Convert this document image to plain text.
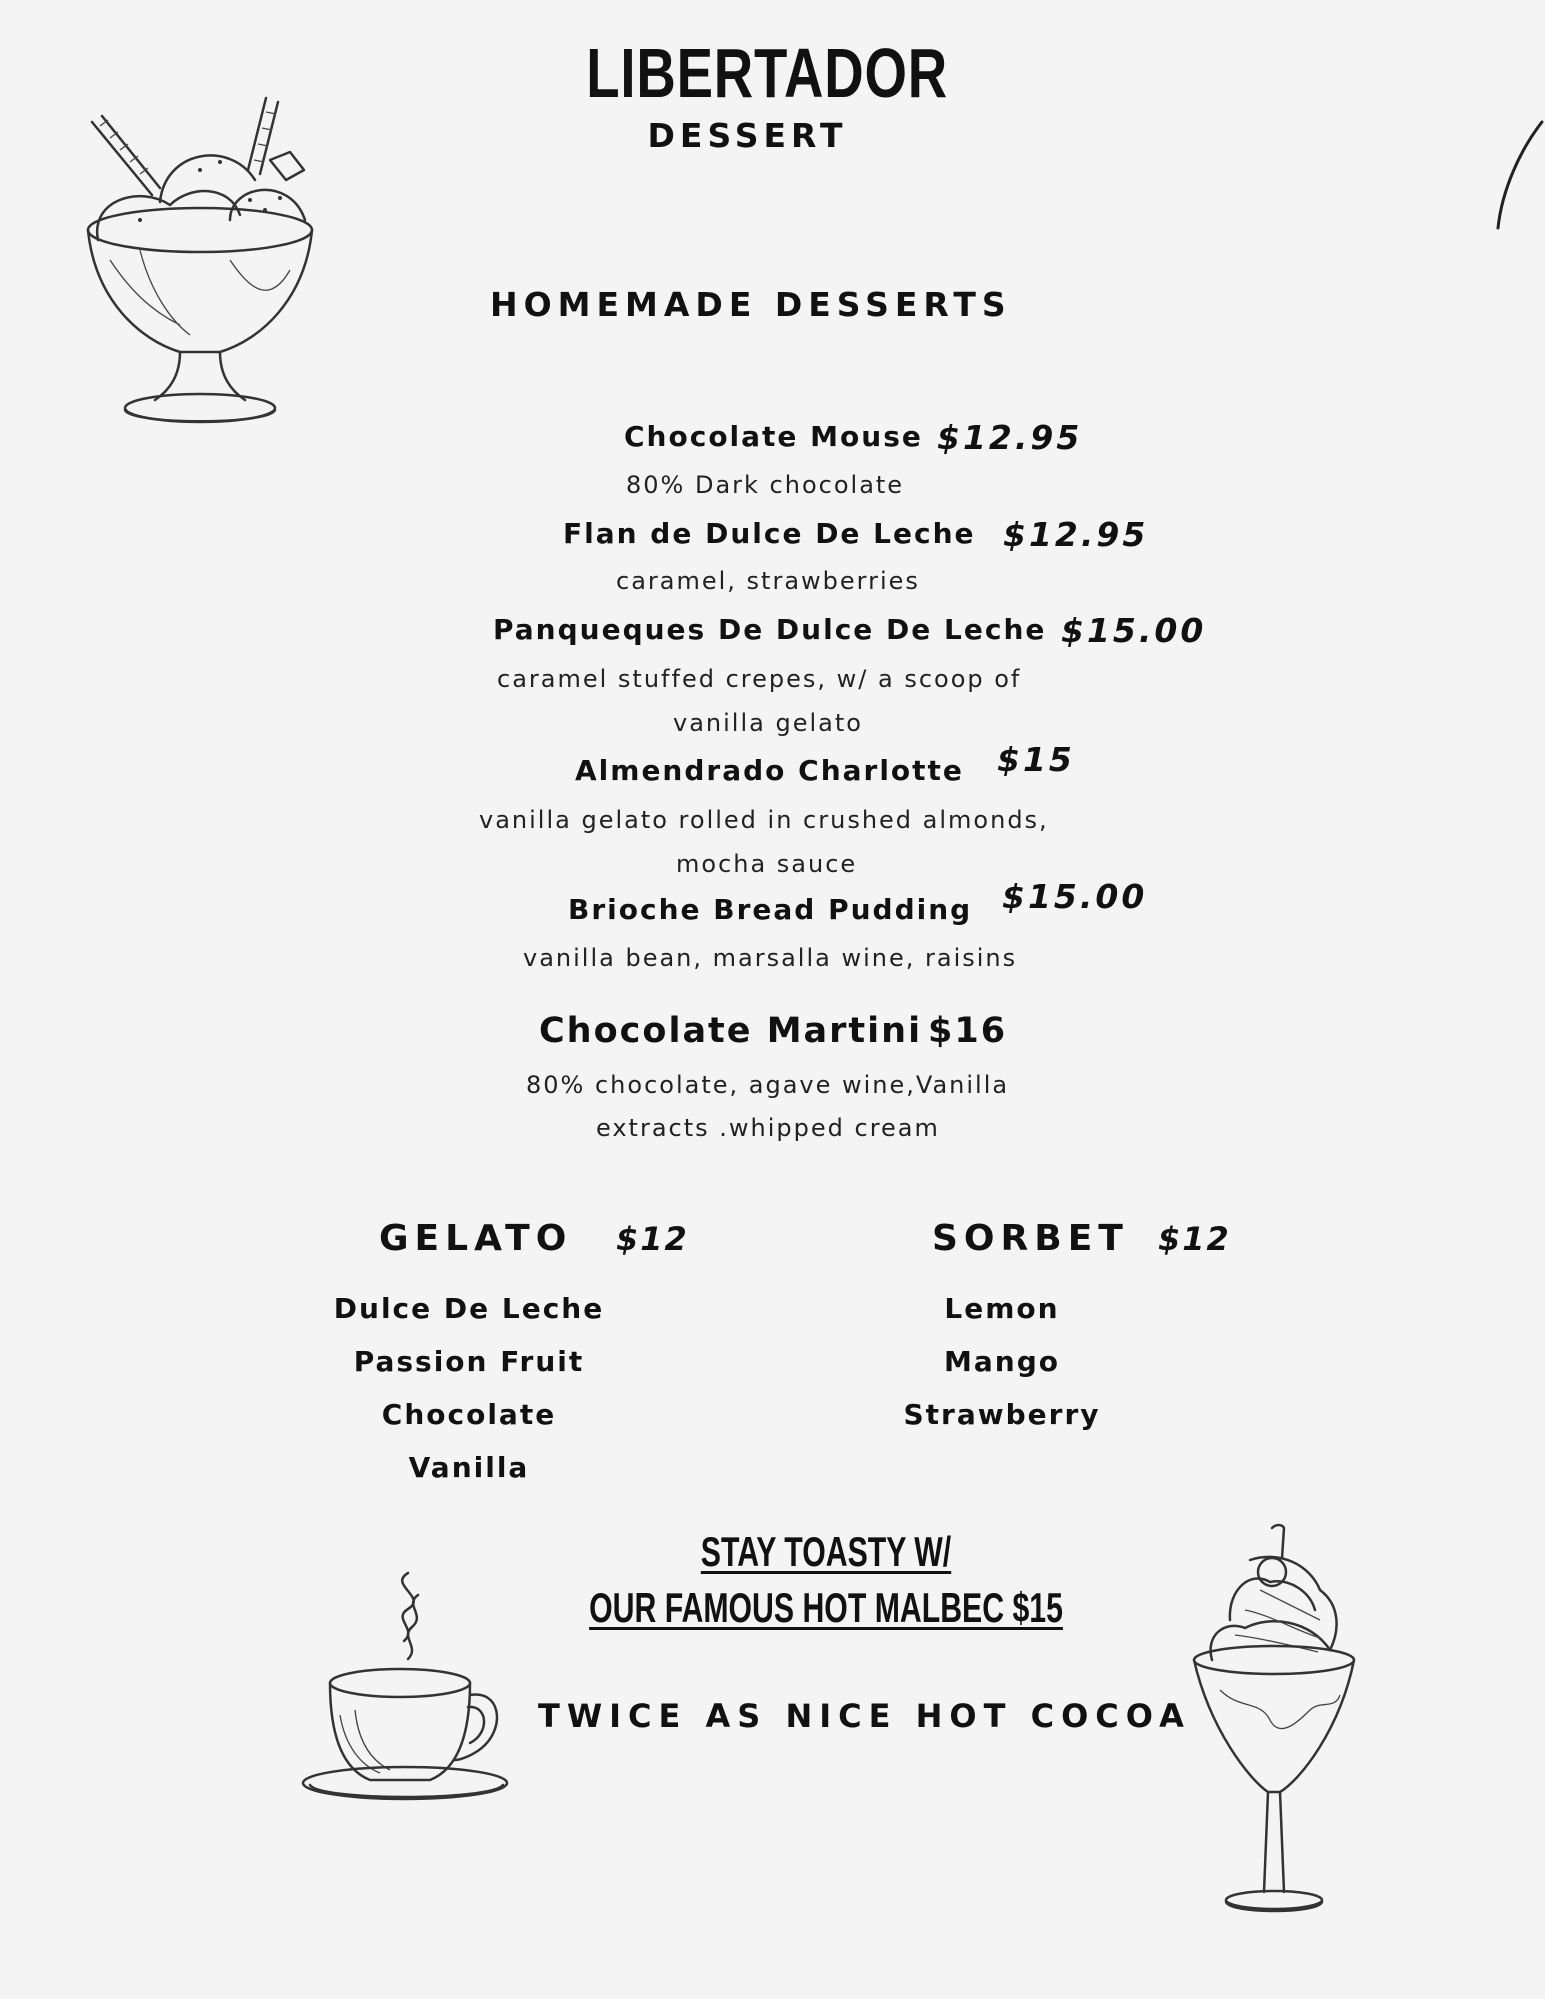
LIBERTADOR
DESSERT
HOMEMADE DESSERTS
Chocolate Mouse $12.95
80% Dark chocolate
Flan de Dulce De Leche $12.95
caramel, strawberries
Panqueques De Dulce De Leche $15.00
caramel stuffed crepes, w/ a scoop of
vanilla gelato
Almendrado Charlotte $15
vanilla gelato rolled in crushed almonds,
mocha sauce
Brioche Bread Pudding $15.00
vanilla bean, marsalla wine, raisins
Chocolate Martini $16
80% chocolate, agave wine,Vanilla
extracts .whipped cream
GELATO $12
Dulce De Leche
Passion Fruit
Chocolate
Vanilla
SORBET $12
Lemon
Mango
Strawberry
STAY TOASTY W/
OUR FAMOUS HOT MALBEC $15
TWICE AS NICE HOT COCOA
